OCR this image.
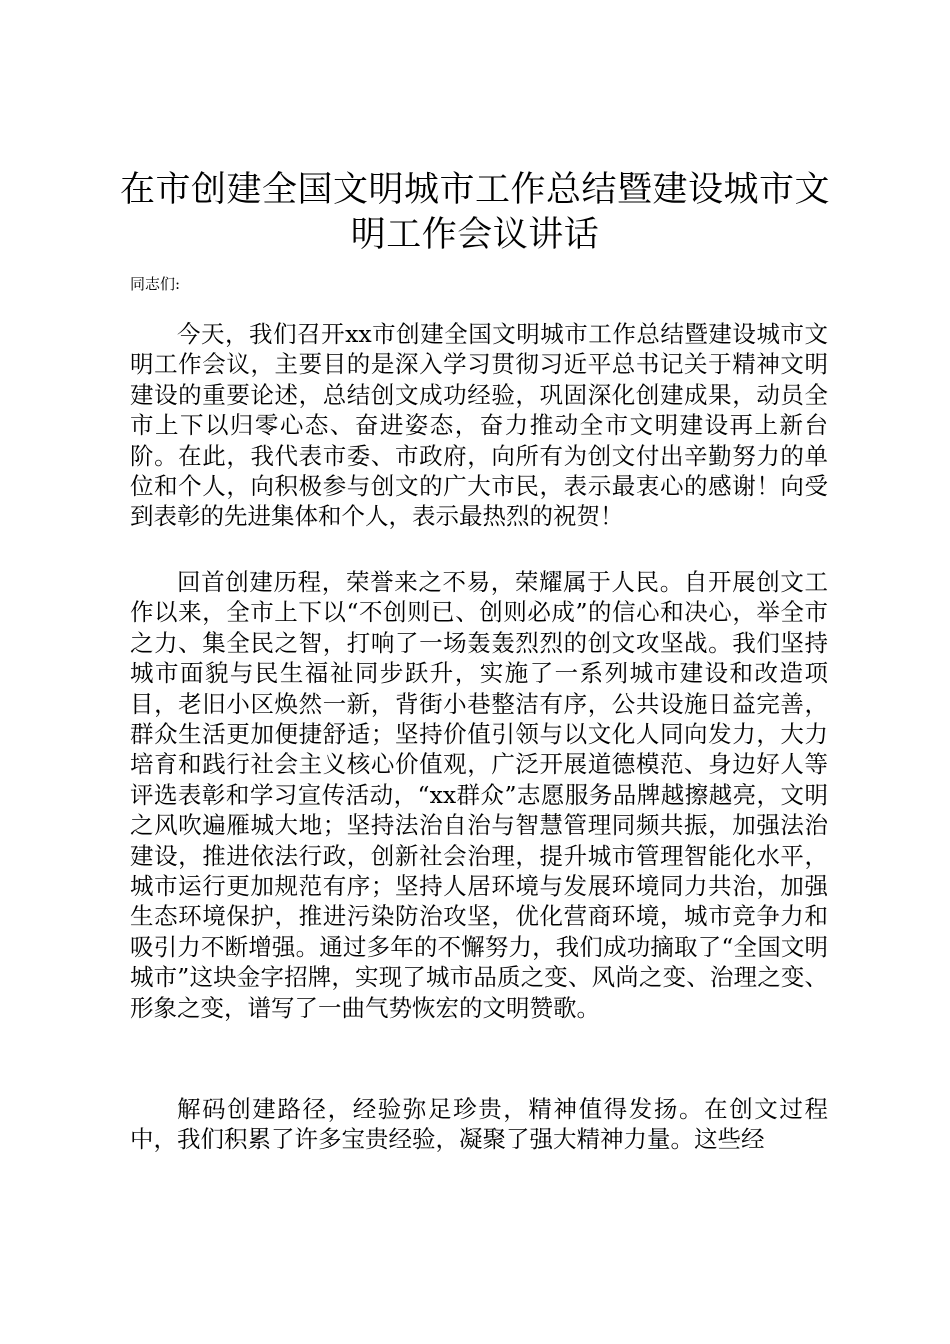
在市创建全国文明城市工作总结暨建设城市文明工作会议讲话

同志们:

今天，我们召开xx市创建全国文明城市工作总结暨建设城市文明工作会议，主要目的是深入学习贯彻习近平总书记关于精神文明建设的重要论述，总结创文成功经验，巩固深化创建成果，动员全市上下以归零心态、奋进姿态，奋力推动全市文明建设再上新台阶。在此，我代表市委、市政府，向所有为创文付出辛勤努力的单位和个人，向积极参与创文的广大市民，表示最衷心的感谢！向受到表彰的先进集体和个人，表示最热烈的祝贺！

回首创建历程，荣誉来之不易，荣耀属于人民。自开展创文工作以来，全市上下以“不创则已、创则必成”的信心和决心，举全市之力、集全民之智，打响了一场轰轰烈烈的创文攻坚战。我们坚持城市面貌与民生福祉同步跃升，实施了一系列城市建设和改造项目，老旧小区焕然一新，背街小巷整洁有序，公共设施日益完善，群众生活更加便捷舒适；坚持价值引领与以文化人同向发力，大力培育和践行社会主义核心价值观，广泛开展道德模范、身边好人等评选表彰和学习宣传活动，“xx群众”志愿服务品牌越擦越亮，文明之风吹遍雁城大地；坚持法治自治与智慧管理同频共振，加强法治建设，推进依法行政，创新社会治理，提升城市管理智能化水平，城市运行更加规范有序；坚持人居环境与发展环境同力共治，加强生态环境保护，推进污染防治攻坚，优化营商环境，城市竞争力和吸引力不断增强。通过多年的不懈努力，我们成功摘取了“全国文明城市”这块金字招牌，实现了城市品质之变、风尚之变、治理之变、形象之变，谱写了一曲气势恢宏的文明赞歌。

解码创建路径，经验弥足珍贵，精神值得发扬。在创文过程中，我们积累了许多宝贵经验，凝聚了强大精神力量。这些经
